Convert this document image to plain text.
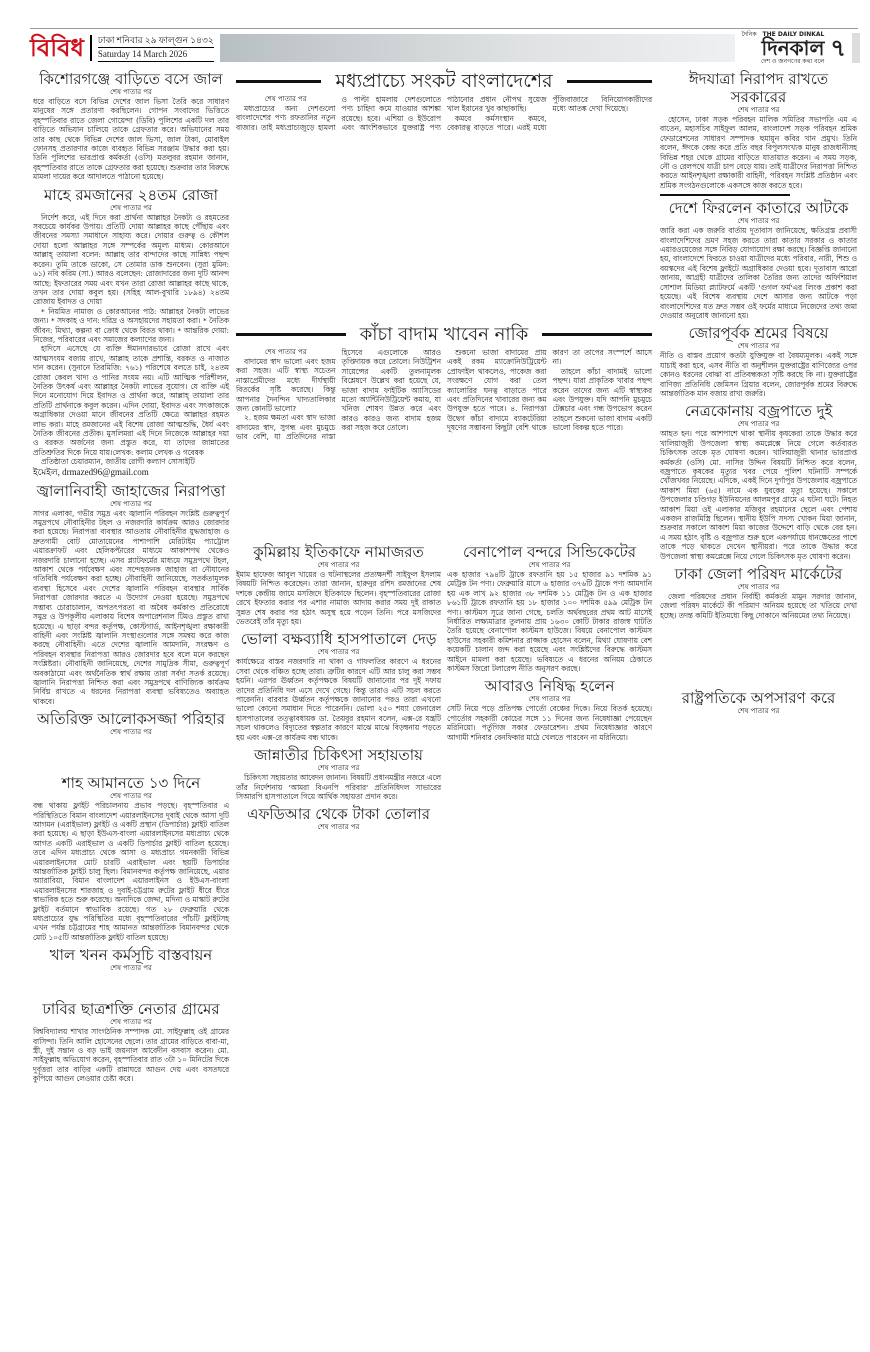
বিবিধ ঢাকা শনিবার ২৯ ফাল্গুন ১৪৩২
Saturday 14 March 2026
দৈনিক THE DAILY DINKAL
দিনকাল
দেশ ও জনগণের কথা বলে ৭
কিশোরগঞ্জে বাড়িতে বসে জাল
শেষ পাতার পর

ধরে বাড়িতে বসে বিভিন্ন দেশের জাল ভিসা তৈরি করে সাধারণ মানুষের সঙ্গে প্রতারণা করছিলেন। গোপন সংবাদের ভিত্তিতে বৃহস্পতিবার রাতে জেলা গোয়েন্দা (ডিবি) পুলিশের একটি দল তার বাড়িতে অভিযান চালিয়ে তাকে গ্রেফতার করে। অভিযানের সময় তার কাছ থেকে বিভিন্ন দেশের জাল ভিসা, জাল টাকা, মোবাইল ফোনসহ প্রতারণার কাজে ব্যবহৃত বিভিন্ন সরঞ্জাম উদ্ধার করা হয়। তিনি পুলিশের ভারপ্রাপ্ত কর্মকর্তা (ওসি) মতলুবর রহমান জানান, বৃহস্পতিবার রাতে তাকে গ্রেফতার করা হয়েছে। শুক্রবার তার বিরুদ্ধে মামলা দায়ের করে আদালতে পাঠানো হয়েছে।

মাহে রমজানের ২৪তম রোজা
শেষ পাতার পর

নির্দেশ করে, এই দিনে করা প্রার্থনা আল্লাহর নৈকট্য ও রহমতের সবচেয়ে কার্যকর উপায়। প্রতিটি দোয়া আল্লাহর কাছে পৌঁছায় এবং জীবনের সমস্যা সমাধানে সাহায্য করে। দোয়ার গুরুত্ব ও কৌশল দোয়া হলো আল্লাহর সঙ্গে সম্পর্কের অমূল্য মাধ্যম। কোরআনে আল্লাহ্‌ তায়ালা বলেন: আল্লাহ তার বান্দাদের কাছে সান্নিধ্য পছন্দ করেন। তুমি তাকে ডাকো, সে তোমার ডাক শুনবেন। (সুরা মুমিন: ৬১) নবি করিম (সা.) আরও বলেছেন: রোজাদারের জন্য দুটি আনন্দ আছে: ইফতারের সময় এবং যখন তারা রোজা আল্লাহর কাছে থাকে, তখন তার দোয়া কবুল হয়। (সহিহ আল-বুখারি ১৮৯৪) ২৪তম রোজায় ইবাদত ও দোয়া

* নিয়মিত নামাজ ও কোরআনের পাঠ: আল্লাহর নৈকট্য লাভের জন্য। * সদকাহ ও দান: দরিদ্র ও অসহায়দের সহায়তা করা। * নৈতিক জীবন: মিথ্যা, কল্পনা বা ক্রোধ থেকে বিরত থাকা। * আন্তরিক দোয়া: নিজের, পরিবারের এবং সমাজের কল্যাণের জন্য।

হাদিসে এসেছে যে ব্যক্তি ঈমানদারভাবে রোজা রাখে এবং আত্মসংযম বজায় রাখে, আল্লাহ তাকে প্রশান্তি, বরকত ও নাজাত দান করেন। (সুনানে তিরমিজি: ৭৬১) পরিশেষে বলতে চাই, ২৪তম রোজা কেবল খাদ্য ও পানির সংযম নয়। এটি আত্মিক পরিশীলন, নৈতিক উৎকর্ষ এবং আল্লাহর নৈকট্য লাভের সুযোগ। যে ব্যক্তি এই দিনে মনোযোগ দিয়ে ইবাদত ও প্রার্থনা করে, আল্লাহ্‌ তায়ালা তার প্রতিটি প্রার্থনাকে কবুল করেন। এদিন দোয়া, ইবাদত এবং সৎকাজকে অগ্রাধিকার দেওয়া মানে জীবনের প্রতিটি ক্ষেত্রে আল্লাহর রহমত লাভ করা। মাহে রমজানের এই বিশেষ রোজা আত্মশুদ্ধি, ধৈর্য এবং নৈতিক জীবনের প্রতীক। মুসলিমরা এই দিনে নিজেকে আল্লাহর দয়া ও বরকত অর্জনের জন্য প্রস্তুত করে, যা তাদের জান্নাতের প্রতিশ্রুতির দিকে নিয়ে যায়।লেখক: কলাম লেখক ও গবেষক

প্রতিষ্ঠাতা চেয়ারম্যান, জাতীয় রোগী কল্যাণ সোসাইটি

ইমেইল, drmazed96@gmail.com

জ্বালানিবাহী জাহাজের নিরাপত্তা
শেষ পাতার পর

সাগর এলাকা, গভীর সমুদ্র এবং জ্বালানি পরিবহন সংশ্লিষ্ট গুরুত্বপূর্ণ সমুদ্রপথে নৌবাহিনীর টহল ও নজরদারি কার্যক্রম আরও জোরদার করা হয়েছে। নিরাপত্তা ব্যবস্থার আওতায় নৌবাহিনীর যুদ্ধজাহাজ ও দ্রুতগামী বোট মোতায়েনের পাশাপাশি মেরিটাইম প্যাট্রোল এয়ারক্রাফট এবং হেলিকপ্টারের মাধ্যমে আকাশপথ থেকেও নজরদারি চালানো হচ্ছে। এসব প্ল্যাটফর্মের মাধ্যমে সমুদ্রপথে টহল, আকাশ থেকে পর্যবেক্ষণ এবং সন্দেহজনক জাহাজ বা নৌযানের গতিবিধি পর্যবেক্ষণ করা হচ্ছে। নৌবাহিনী জানিয়েছে, সতর্কতামূলক ব্যবস্থা হিসেবে এবং দেশের জ্বালানি পরিবহন ব্যবস্থার সার্বিক নিরাপত্তা জোরদার করতে এ উদ্যোগ নেওয়া হয়েছে। সমুদ্রপথে সম্ভাব্য চোরাচালান, অপতৎপরতা বা অবৈধ কর্মকাণ্ড প্রতিরোধে সমুদ্র ও উপকূলীয় এলাকায় বিশেষ অপারেশনাল টিমও প্রস্তুত রাখা হয়েছে। এ ছাড়া বন্দর কর্তৃপক্ষ, কোস্টগার্ড, আইনশৃঙ্খলা রক্ষাকারী বাহিনী এবং সংশ্লিষ্ট জ্বালানি সংস্থাগুলোর সঙ্গে সমন্বয় করে কাজ করছে নৌবাহিনী। এতে দেশের জ্বালানি আমদানি, সংরক্ষণ ও পরিবহন ব্যবস্থার নিরাপত্তা আরও জোরদার হবে বলে মনে করছেন সংশ্লিষ্টরা। নৌবাহিনী জানিয়েছে, দেশের সামুদ্রিক সীমা, গুরুত্বপূর্ণ অবকাঠামো এবং অর্থনৈতিক স্বার্থ রক্ষায় তারা সর্বদা সতর্ক রয়েছে। জ্বালানি নিরাপত্তা নিশ্চিত করা এবং সমুদ্রপথে বাণিজ্যিক কার্যক্রম নির্বিঘ্ন রাখতে এ ধরনের নিরাপত্তা ব্যবস্থা ভবিষ্যতেও অব্যাহত থাকবে।

অতিরিক্ত আলোকসজ্জা পরিহার
শেষ পাতার পর
শাহ আমানতে ১৩ দিনে
শেষ পাতার পর

বন্ধ থাকায় ফ্লাইট পরিচালনায় প্রভাব পড়ছে। বৃহস্পতিবার এ পরিস্থিতিতে বিমান বাংলাদেশ এয়ারলাইনসের দুবাই থেকে আসা দুটি আগমন (এরাইভাল) ফ্লাইট ও একটি প্রস্থান (ডিপার্চার) ফ্লাইট বাতিল করা হয়েছে। এ ছাড়া ইউএস-বাংলা এয়ারলাইনসের মধ্যপ্রাচ্য থেকে আগত একটি এরাইভাল ও একটি ডিপার্চার ফ্লাইট বাতিল হয়েছে। তবে এদিন মধ্যপ্রাচ্য থেকে আসা ও মধ্যপ্রাচ্য গমনকারী বিভিন্ন এয়ারলাইনসের মোট চারটি এরাইভাল এবং ছয়টি ডিপার্চার আন্তর্জাতিক ফ্লাইট চালু ছিল। বিমানবন্দর কর্তৃপক্ষ জানিয়েছে, এয়ার অ্যারাবিয়া, বিমান বাংলাদেশ এয়ারলাইনস ও ইউএস-বাংলা এয়ারলাইনসের শারজাহ ও দুবাই-চট্টগ্রাম রুটের ফ্লাইট ধীরে ধীরে স্বাভাবিক হতে শুরু করেছে। অন্যদিকে জেদ্দা, মদিনা ও মাস্কাট রুটের ফ্লাইট বর্তমানে স্বাভাবিক রয়েছে। গত ২৮ ফেব্রুয়ারি থেকে মধ্যপ্রাচ্যের যুদ্ধ পরিস্থিতির মধ্যে বৃহস্পতিবারের পাঁচটি ফ্লাইটসহ এখন পর্যন্ত চট্টগ্রামের শাহ আমানত আন্তর্জাতিক বিমানবন্দর থেকে মোট ১০৫টি আন্তর্জাতিক ফ্লাইট বাতিল হয়েছে।

খাল খনন কর্মসূচি বাস্তবায়ন
শেষ পাতার পর
ঢাবির ছাত্রশক্তি নেতার গ্রামের
শেষ পাতার পর

বিশ্ববিদ্যালয় শাখার সাংগঠনিক সম্পাদক মো. সাইফুল্লাহ ওই গ্রামের বাসিন্দা। তিনি আলি হোসেনের ছেলে। তার গ্রামের বাড়িতে বাবা-মা, স্ত্রী, দুই সন্তান ও বড় ভাই জয়নাল আবেদীন বসবাস করেন। মো. সাইফুল্লাহ অভিযোগ করেন, বৃহস্পতিবার রাত ৩টা ১০ মিনিটের দিকে দুর্বৃত্তরা তার বাড়ির একটি রান্নাঘরে আগুন দেয় এবং বসতঘরে কুপিয়ে আগুন লেওয়ার চেষ্টা করে।

মধ্যপ্রাচ্যে সংকট বাংলাদেশের
শেষ পাতার পর

মধ্যপ্রাচ্যের অন্য দেশগুলো বাংলাদেশের পণ্য রফতানির নতুন বাজার। তাই মধ্যপ্রাচ্যজুড়ে হামলা ও পাল্টা হামলায় দেশগুলোতে পণ্য চাহিদা কমে যাওয়ার আশঙ্কা রয়েছে। হবে। এশিয়া ও ইউরোপ এবং আংশিকভাবে যুক্তরাষ্ট্র পণ্য পাঠানোর প্রধান নৌপথ সুয়েজ খাল ইরানের খুব কাছাকাছি।

কমবে কর্মসংস্থান কমবে, বেকারত্ব বাড়তে পারে। এরই মধ্যে পুঁজিবাজারে বিনিয়োগকারীদের মধ্যে আতঙ্ক দেখা দিয়েছে।

কাঁচা বাদাম খাবেন নাকি
শেষ পাতার পর

বাদামের স্বাদ ভালো এবং হজম করা সহজ। এটি স্বাস্থ্য সচেতন নাস্তাপ্রেমীদের মধ্যে দীর্ঘস্থায়ী বিতর্কের সৃষ্টি করেছে। কিন্তু আপনার দৈনন্দিন খাদ্যতালিকার জন্য কোনটি ভালো?

২. হজম ক্ষমতা এবং স্বাদ ভাজা বাদামের স্বাদ, সুগন্ধ এবং মুচমুচে ভাব বেশি, যা প্রতিদিনের নাস্তা হিসেবে এগুলোকে আরও তৃপ্তিদায়ক করে তোলে। নিউট্রিশন সায়েন্সের একটি তুলনামূলক বিশ্লেষণে উল্লেখ করা হয়েছে যে, ভাজা বাদাম ফাইটিক অ্যাসিডের মতো অ্যান্টিনিউট্রিয়েন্ট কমায়, যা খনিজ শোষণ উন্নত করে এবং কারও কারও জন্য বাদাম হজম করা সহজ করে তোলে।

শুকনো ভাজা বাদামের প্রায় একই রকম ম্যাক্রোনিউট্রিয়েন্ট প্রোফাইল থাকলেও, পাকেজ করা সংরক্ষণে যোগ করা তেল ক্যালোরির ঘনত্ব বাড়াতে পারে এবং প্রতিদিনের খাবারের জন্য কম উপযুক্ত হতে পারে। ৪. নিরাপত্তা উদ্বেগ কাঁচা বাদামে ব্যাকটেরিয়া দূষণের সম্ভাবনা কিছুটা বেশি থাকে কারণ তা তাপের সংস্পর্শে আসে না।

তাহলে কাঁচা বাদামই ভালো পছন্দ। যারা প্রাকৃতিক খাবার পছন্দ করেন তাদের জন্য এটি স্বাস্থ্যকর এবং উপযুক্ত। যদি আপনি মুচমুচে টেক্সচার এবং গন্ধ উপভোগ করেন তাহলে শুকনো ভাজা বাদাম একটি ভালো বিকল্প হতে পারে।

কুমিল্লায় ইতিকাফে নামাজরত
শেষ পাতার পর

ইমাম হাফেজ আবুল খায়ের ও ঘটনাস্থলের প্রত্যক্ষদর্শী সাইফুল ইসলাম বিষয়টি নিশ্চিত করেছেন। তারা জানান, হারুনুর রশিদ রমজানের শেষ দশকে কেন্দ্রীয় জামে মসজিদে ইতিকাফে ছিলেন। বৃহস্পতিবারের রোজা রেখে ইফতার করার পর এশার নামাজ আদায় করার সময় দুই রাকাত সুন্নত শেষ করার পর হঠাৎ অসুস্থ হয়ে পড়েন তিনি। পরে মসজিদের ভেতরেই তাঁর মৃত্যু হয়।

ভোলা বক্ষব্যাধি হাসপাতালে দেড়
শেষ পাতার পর

কার্যক্ষেত্রে বাস্তব নজরদারি না থাকা ও গাফলতির কারণে এ ধরনের সেবা থেকে বঞ্চিত হচ্ছে তারা। ত্রুটির কারণে এটি আর চালু করা সম্ভব হয়নি। এরপর ঊর্ধ্বতন কর্তৃপক্ষকে বিষয়টি জানানোর পর দুই দফায় তাদের প্রতিনিধি দল এসে দেখে গেছে। কিন্তু তারাও এটি সচল করতে পারেননি। বারবার ঊর্ধ্বতন কর্তৃপক্ষকে জানানোর পরও তারা এখনো ভালো কোনো সমাধান দিতে পারেননি। ভোলা ২৫০ শয্যা জেনারেল হাসপাতালের তত্ত্বাবধায়ক ডা. তৈয়বুর রহমান বলেন, এক্স-রে যন্ত্রটি সচল থাকলেও বিদ্যুতের স্বল্পতার কারণে মাঝে মাঝে বিড়ম্বনায় পড়তে হয় এবং এক্স-রে কার্যক্রম বন্ধ থাকে।

জান্নাতীর চিকিৎসা সহায়তায়
শেষ পাতার পর

চিকিৎসা সহায়তার আবেদন জানান। বিষয়টি প্রধানমন্ত্রীর নজরে এলে তাঁর নির্দেশনায় 'আমরা বিএনপি পরিবার' প্রতিনিধিদল সাভারের সিআরপি হাসপাতালে গিয়ে আর্থিক সহায়তা প্রদান করে।

এফডিআর থেকে টাকা তোলার
শেষ পাতার পর
বেনাপোল বন্দরে সিন্ডিকেটের
শেষ পাতার পর

এক হাজার ৭৯৪টি ট্রাকে রফতানি হয় ১৫ হাজার ৯১ দশমিক ৯১ মেট্রিক টন পণ্য। ফেব্রুয়ারি মাসে ৬ হাজার ৩৭৬টি ট্রাকে পণ্য আমদানি হয় এক লাখ ৯২ হাজার ৩৮ দশমিক ১১ মেট্রিক টন ও এক হাজার ৮৬১টি ট্রাকে রফতানি হয় ১৮ হাজার ১০০ দশমিক ৫৯৯ মেট্রিক টন পণ্য। কাস্টমস সূত্রে জানা গেছে, চলতি অর্থবছরের প্রথম আট মাসেই নির্ধারিত লক্ষ্যমাত্রার তুলনায় প্রায় ১৬৩০ কোটি টাকার রাজস্ব ঘাটতি তৈরি হয়েছে বেনাপোল কাস্টমস হাউজে। বিষয়ে বেনাপোল কাস্টমস হাউসের সহকারী কমিশনার রাজ্জাক হোসেন বলেন, মিথ্যা ঘোষণায় বেশ কয়েকটি চালান জব্দ করা হয়েছে এবং সংশ্লিষ্টদের বিরুদ্ধে কাস্টমস আইনে মামলা করা হয়েছে। ভবিষ্যতে এ ধরনের অনিয়ম ঠেকাতে কাস্টমস জিরো টলারেন্স নীতি অনুসরণ করছে।

আবারও নিষিদ্ধ হলেন
শেষ পাতার পর

সেটি নিয়ে পড়ে প্রতিপক্ষ পোর্তো বেঞ্চের দিকে। নিয়ে বিতর্ক হয়েছে। পোর্তোর সহকারী কোচের সঙ্গে ১১ দিনের জন্য নিষেধাজ্ঞা পেয়েছেন মরিনিয়ো। পর্তুগিজ সকার ফেডারেশন। প্রথম নিষেধাজ্ঞার কারণে আগামী শনিবার বেনফিকার মাঠে খেলতে পারবেন না মরিনিয়ো।

ঈদযাত্রা নিরাপদ রাখতে সরকারের
শেষ পাতার পর

হোসেন, ঢাকা সড়ক পরিবহন মালিক সমিতির সভাপতি এম এ বাতেন, মহাসচিব সাইফুল আলম, বাংলাদেশ সড়ক পরিবহন শ্রমিক ফেডারেশনের সাধারণ সম্পাদক হুমায়ূন কবির খান প্রমুখ। তিনি বলেন, ঈদকে কেন্দ্র করে প্রতি বছর বিপুলসংখ্যক মানুষ রাজধানীসহ বিভিন্ন শহর থেকে গ্রামের বাড়িতে যাতায়াত করেন। এ সময় সড়ক, নৌ ও রেলপথে যাত্রী চাপ বেড়ে যায়। তাই যাত্রীদের নিরাপত্তা নিশ্চিত করতে আইনশৃঙ্খলা রক্ষাকারী বাহিনী, পরিবহন সংশ্লিষ্ট প্রতিষ্ঠান এবং শ্রমিক সংগঠনগুলোকে একসঙ্গে কাজ করতে হবে।

দেশে ফিরলেন কাতারে আটকে
শেষ পাতার পর

জারি করা এক জরুরি বার্তায় দূতাবাস জানিয়েছে, ক্ষতিগ্রস্ত প্রবাসী বাংলাদেশিদের ভ্রমণ সহজ করতে তারা কাতার সরকার ও কাতার এয়ারওয়েজের সঙ্গে নিবিড় যোগাযোগ রক্ষা করছে। বিজ্ঞপ্তি জানানো হয়, বাংলাদেশে ফিরতে চাওয়া যাত্রীদের মধ্যে পরিবার, নারী, শিশু ও বয়স্কদের এই বিশেষ ফ্লাইটে অগ্রাধিকার দেওয়া হবে। দূতাবাস আরো জানায়, আগ্রহী যাত্রীদের তালিকা তৈরির জন্য তাদের অফিশিয়াল সোশাল মিডিয়া প্ল্যাটফর্মে একটি 'গুগল ফর্ম'এর লিংক প্রকাশ করা হয়েছে। এই বিশেষ ব্যবস্থায় দেশে আসার জন্য আটকে পড়া বাংলাদেশিদের যত দ্রুত সম্ভব ওই ফর্মের মাধ্যমে নিজেদের তথ্য জমা দেওয়ার অনুরোধ জানানো হয়।

জোরপূর্বক শ্রমের বিষয়ে
শেষ পাতার পর

নীতি ও বাস্তব প্রয়োগ কতটা যুক্তিযুক্ত বা বৈষম্যমূলক। একই সঙ্গে যাচাই করা হবে, এসব নীতি বা অনুশীলন যুক্তরাষ্ট্রের বাণিজ্যের ওপর কোনও ধরনের বোঝা বা প্রতিবন্ধকতা সৃষ্টি করছে কি না। যুক্তরাষ্ট্রের বাণিজ্য প্রতিনিধি জেমিসন গ্রিয়ার বলেন, জোরপূর্বক শ্রমের বিরুদ্ধে আন্তর্জাতিক মান বজায় রাখা জরুরি।

নেত্রকোনায় বজ্রপাতে দুই
শেষ পাতার পর

আহত হন। পরে আশপাশে থাকা স্থানীয় কৃষকেরা তাকে উদ্ধার করে খালিয়াজুরী উপজেলা স্বাস্থ্য কমপ্লেক্সে নিয়ে গেলে কর্তব্যরত চিকিৎসক তাকে মৃত ঘোষণা করেন। খালিয়াজুরী থানার ভারপ্রাপ্ত কর্মকর্তা (ওসি) মো. নাসির উদ্দিন বিষয়টি নিশ্চিত করে বলেন, বজ্রপাতে কৃষকের মৃত্যুর খবর পেয়ে পুলিশ ঘটনাটি সম্পর্কে খোঁজখবর নিয়েছে। এদিকে, একই দিনে দুর্গাপুর উপজেলায় বজ্রপাতে আকাশ মিয়া (৬৫) নামে এক যুবকের মৃত্যু হয়েছে। সকালে উপজেলার চণ্ডিগড় ইউনিয়নের আলমপুর গ্রামে এ ঘটনা ঘটে। নিহত আকাশ মিয়া ওই এলাকার মজিবুর রহমানের ছেলে এবং পেশায় একজন রাজমিস্ত্রি ছিলেন। স্থানীয় ইউপি সদস্য খোকন মিয়া জানান, শুক্রবার সকালে আকাশ মিয়া কাজের উদ্দেশে বাড়ি থেকে বের হন। এ সময় হঠাৎ বৃষ্টি ও বজ্রপাত শুরু হলে একপর্যায়ে ধানক্ষেতের পাশে তাকে পড়ে থাকতে দেখেন স্থানীয়রা। পরে তাকে উদ্ধার করে উপজেলা স্বাস্থ্য কমপ্লেক্সে নিয়ে গেলে চিকিৎসক মৃত ঘোষণা করেন।

ঢাকা জেলা পরিষদ মার্কেটের
শেষ পাতার পর

জেলা পরিষদের প্রধান নির্বাহী কর্মকর্তা মামুন সরদার জানান, জেলা পরিষদ মার্কেটে কী পরিমাণ অনিয়ম হয়েছে তা খতিয়ে দেখা হচ্ছে। তদন্ত কমিটি ইতিমধ্যে কিছু দোকানে অনিয়মের তথ্য নিয়েছে।

রাষ্ট্রপতিকে অপসারণ করে
শেষ পাতার পর
